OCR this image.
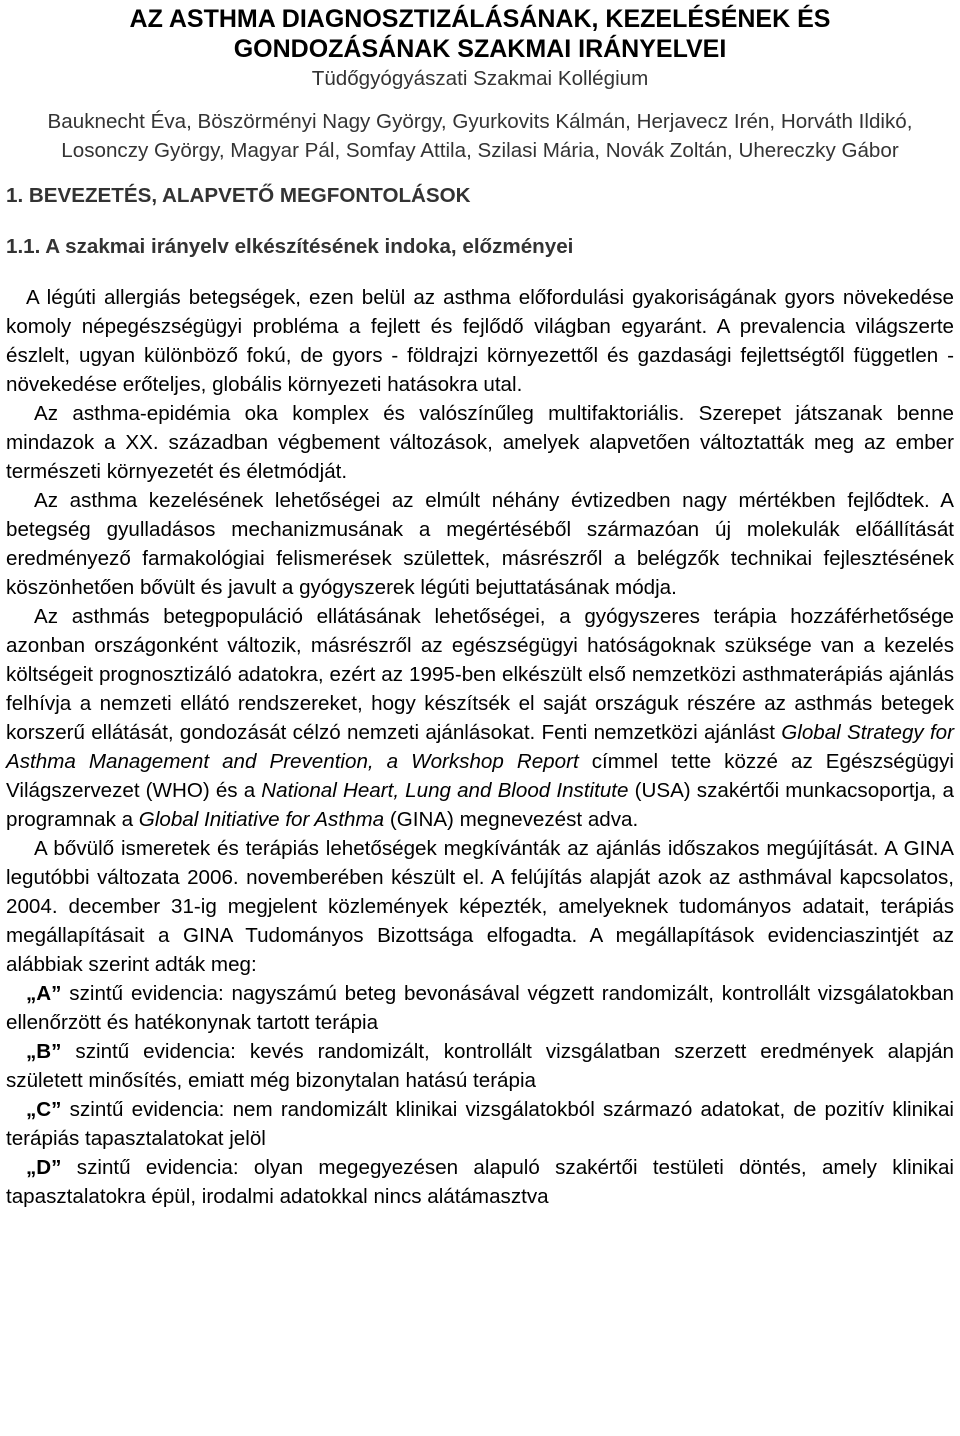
AZ ASTHMA DIAGNOSZTIZÁLÁSÁNAK, KEZELÉSÉNEK ÉS

GONDOZÁSÁNAK SZAKMAI IRÁNYELVEI

Tüdőgyógyászati Szakmai Kollégium

Bauknecht Éva, Böszörményi Nagy György, Gyurkovits Kálmán, Herjavecz Irén, Horváth Ildikó, Losonczy György, Magyar Pál, Somfay Attila, Szilasi Mária, Novák Zoltán, Uhereczky Gábor

1. BEVEZETÉS, ALAPVETŐ MEGFONTOLÁSOK

1.1. A szakmai irányelv elkészítésének indoka, előzményei

A légúti allergiás betegségek, ezen belül az asthma előfordulási gyakoriságának gyors növekedése komoly népegészségügyi probléma a fejlett és fejlődő világban egyaránt. A prevalencia világszerte észlelt, ugyan különböző fokú, de gyors - földrajzi környezettől és gazdasági fejlettségtől független - növekedése erőteljes, globális környezeti hatásokra utal.

Az asthma-epidémia oka komplex és valószínűleg multifaktoriális. Szerepet játszanak benne mindazok a XX. században végbement változások, amelyek alapvetően változtatták meg az ember természeti környezetét és életmódját.

Az asthma kezelésének lehetőségei az elmúlt néhány évtizedben nagy mértékben fejlődtek. A betegség gyulladásos mechanizmusának a megértéséből származóan új molekulák előállítását eredményező farmakológiai felismerések születtek, másrészről a belégzők technikai fejlesztésének köszönhetően bővült és javult a gyógyszerek légúti bejuttatásának módja.

Az asthmás betegpopuláció ellátásának lehetőségei, a gyógyszeres terápia hozzáférhetősége azonban országonként változik, másrészről az egészségügyi hatóságoknak szüksége van a kezelés költségeit prognosztizáló adatokra, ezért az 1995-ben elkészült első nemzetközi asthmaterápiás ajánlás felhívja a nemzeti ellátó rendszereket, hogy készítsék el saját országuk részére az asthmás betegek korszerű ellátását, gondozását célzó nemzeti ajánlásokat. Fenti nemzetközi ajánlást Global Strategy for Asthma Management and Prevention, a Workshop Report címmel tette közzé az Egészségügyi Világszervezet (WHO) és a National Heart, Lung and Blood Institute (USA) szakértői munkacsoportja, a programnak a Global Initiative for Asthma (GINA) megnevezést adva.

A bővülő ismeretek és terápiás lehetőségek megkívánták az ajánlás időszakos megújítását. A GINA legutóbbi változata 2006. novemberében készült el. A felújítás alapját azok az asthmával kapcsolatos, 2004. december 31-ig megjelent közlemények képezték, amelyeknek tudományos adatait, terápiás megállapításait a GINA Tudományos Bizottsága elfogadta. A megállapítások evidenciaszintjét az alábbiak szerint adták meg:

„A” szintű evidencia: nagyszámú beteg bevonásával végzett randomizált, kontrollált vizsgálatokban ellenőrzött és hatékonynak tartott terápia

„B” szintű evidencia: kevés randomizált, kontrollált vizsgálatban szerzett eredmények alapján született minősítés, emiatt még bizonytalan hatású terápia

„C” szintű evidencia: nem randomizált klinikai vizsgálatokból származó adatokat, de pozitív klinikai terápiás tapasztalatokat jelöl

„D” szintű evidencia: olyan megegyezésen alapuló szakértői testületi döntés, amely klinikai tapasztalatokra épül, irodalmi adatokkal nincs alátámasztva
